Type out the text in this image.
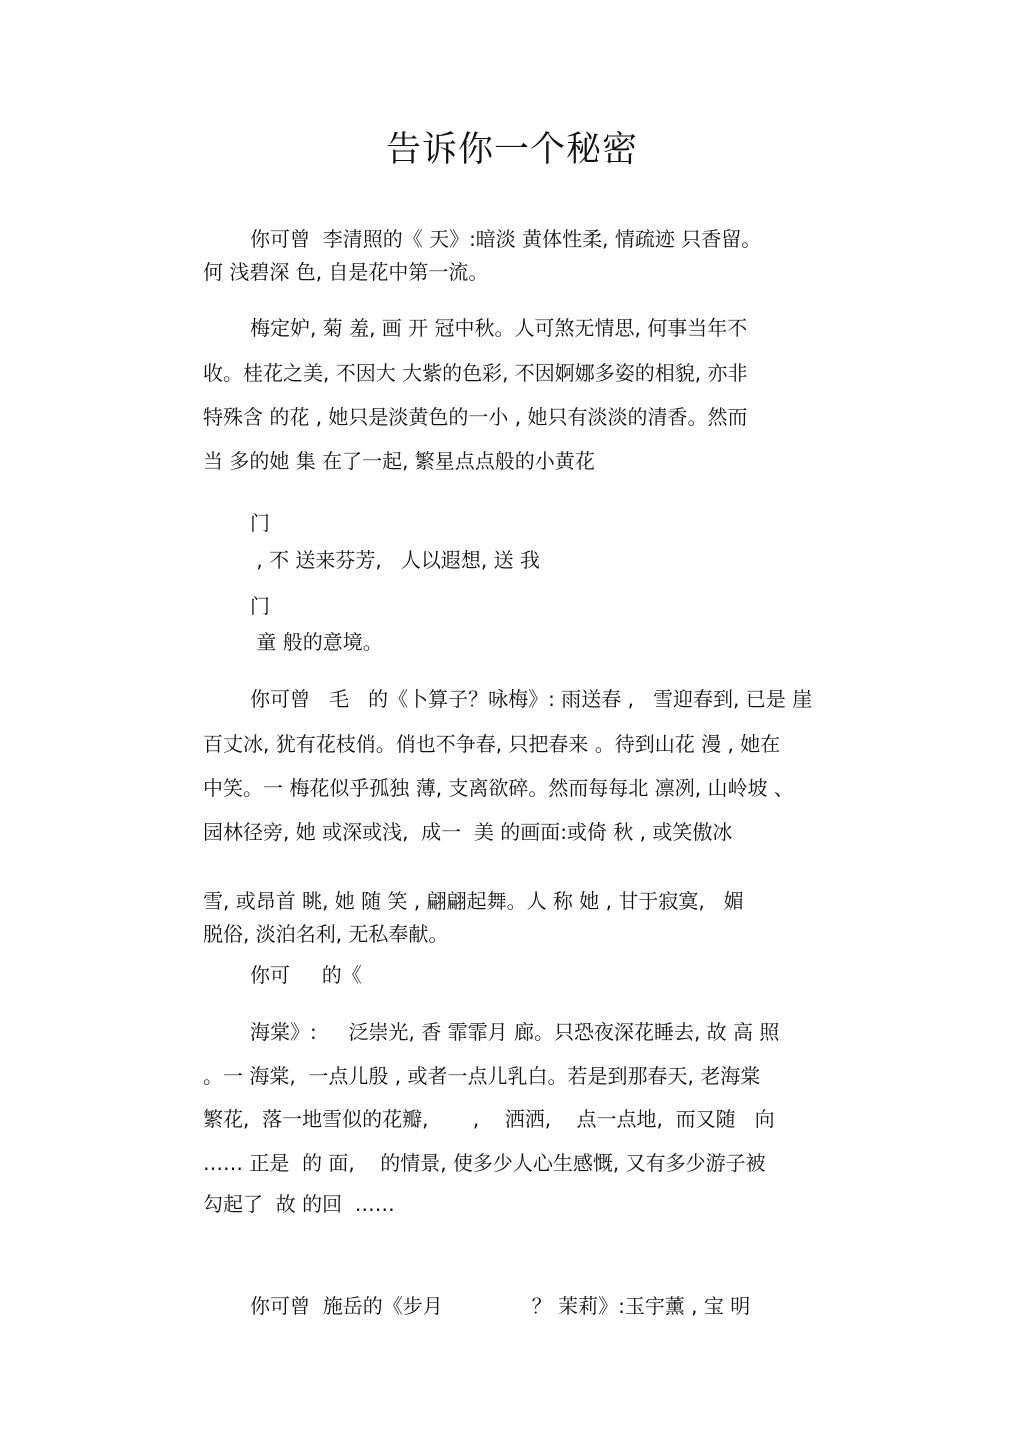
告诉你一个秘密
你可曾  李清照的《 天》:暗淡 黄体性柔, 情疏迹 只香留。
何 浅碧深 色, 自是花中第一流。
梅定妒, 菊 羞, 画 开 冠中秋。人可煞无情思, 何事当年不
收。桂花之美, 不因大 大紫的色彩, 不因婀娜多姿的相貌, 亦非
特殊含 的花 , 她只是淡黄色的一小 , 她只有淡淡的清香。然而
当 多的她 集 在了一起, 繁星点点般的小黄花
门
, 不 送来芬芳,   人以遐想, 送 我
门
童 般的意境。
你可曾   毛   的《卜算子？咏梅》: 雨送春 ,   雪迎春到, 已是 崖
百丈冰, 犹有花枝俏。俏也不争春, 只把春来 。待到山花 漫 , 她在
中笑。一 梅花似乎孤独 薄, 支离欲碎。然而每每北 凛冽, 山岭坡 、
园林径旁, 她 或深或浅,  成一  美 的画面:或倚 秋 , 或笑傲冰
雪, 或昂首 眺, 她 随 笑 , 翩翩起舞。人 称 她 , 甘于寂寞,   媚
脱俗, 淡泊名利, 无私奉献。
你可     的《
海棠》:     泛崇光, 香 霏霏月 廊。只恐夜深花睡去, 故 高 照
。一 海棠,  一点儿殷 , 或者一点儿乳白。若是到那春天, 老海棠
繁花,  落一地雪似的花瓣,       ,    洒洒,    点一点地,  而又随   向
…… 正是  的 面,    的情景, 使多少人心生感慨, 又有多少游子被
勾起了  故 的回  ……
你可曾  施岳的《步月              ？ 茉莉》:玉宇薰 , 宝 明
